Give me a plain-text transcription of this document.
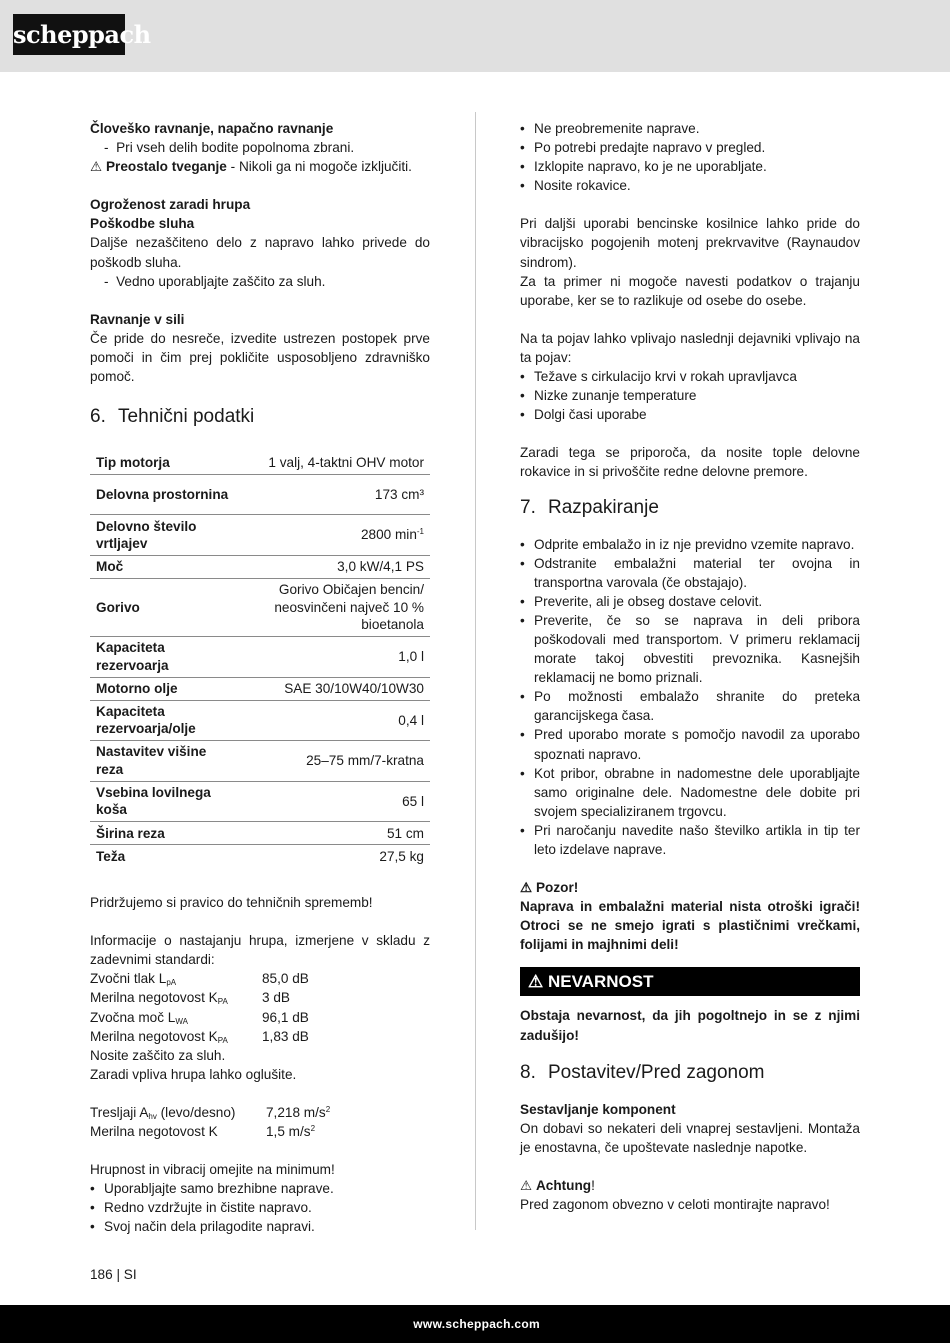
scheppach

Človeško ravnanje, napačno ravnanje

-  Pri vseh delih bodite popolnoma zbrani.

⚠ Preostalo tveganje - Nikoli ga ni mogoče izključiti.

Ogroženost zaradi hrupa

Poškodbe sluha

Daljše nezaščiteno delo z napravo lahko privede do poškodb sluha.

-  Vedno uporabljajte zaščito za sluh.

Ravnanje v sili

Če pride do nesreče, izvedite ustrezen postopek prve pomoči in čim prej pokličite usposobljeno zdravniško pomoč.

6. Tehnični podatki
Tip motorja	1 valj, 4-taktni OHV motor
Delovna prostornina	173 cm³
Delovno število vrtljajev	2800 $\min^{-1}$
Moč	3,0 kW/4,1 PS
Gorivo	Gorivo Običajen bencin/ neosvinčeni največ 10 % bioetanola
Kapaciteta rezervoarja	1,0 l
Motorno olje	SAE 30/10W40/10W30
Kapaciteta rezervoarja/olje	0,4 l
Nastavitev višine reza	25–75 mm/7-kratna
Vsebina lovilnega koša	65 l
Širina reza	51 cm
Teža	27,5 kg

Pridržujemo si pravico do tehničnih sprememb!

Informacije o nastajanju hrupa, izmerjene v skladu z zadevnimi standardi:

Zvočni tlak $L_{pA}$	85,0 dB
Merilna negotovost $K_{PA}$	3 dB
Zvočna moč $L_{WA}$	96,1 dB
Merilna negotovost $K_{PA}$	1,83 dB

Nosite zaščito za sluh.

Zaradi vpliva hrupa lahko oglušite.

Tresljaji $A_{hv}$ (levo/desno)	7,218 $m/s^2$
Merilna negotovost K	1,5 $m/s^2$

Hrupnost in vibracij omejite na minimum!

• Uporabljajte samo brezhibne naprave.

• Redno vzdržujte in čistite napravo.

• Svoj način dela prilagodite napravi.

• Ne preobremenite naprave.

• Po potrebi predajte napravo v pregled.

• Izklopite napravo, ko je ne uporabljate.

• Nosite rokavice.

Pri daljši uporabi bencinske kosilnice lahko pride do vibracijsko pogojenih motenj prekrvavitve (Raynaudov sindrom).

Za ta primer ni mogoče navesti podatkov o trajanju uporabe, ker se to razlikuje od osebe do osebe.

Na ta pojav lahko vplivajo naslednji dejavniki vplivajo na ta pojav:

• Težave s cirkulacijo krvi v rokah upravljavca

• Nizke zunanje temperature

• Dolgi časi uporabe

Zaradi tega se priporoča, da nosite tople delovne rokavice in si privoščite redne delovne premore.

7. Razpakiranje

• Odprite embalažo in iz nje previdno vzemite napravo.

• Odstranite embalažni material ter ovojna in transportna varovala (če obstajajo).

• Preverite, ali je obseg dostave celovit.

• Preverite, če so se naprava in deli pribora poškodovali med transportom. V primeru reklamacij morate takoj obvestiti prevoznika. Kasnejših reklamacij ne bomo priznali.

• Po možnosti embalažo shranite do preteka garancijskega časa.

• Pred uporabo morate s pomočjo navodil za uporabo spoznati napravo.

• Kot pribor, obrabne in nadomestne dele uporabljajte samo originalne dele. Nadomestne dele dobite pri svojem specializiranem trgovcu.

• Pri naročanju navedite našo številko artikla in tip ter leto izdelave naprave.

⚠ Pozor!

Naprava in embalažni material nista otroški igrači! Otroci se ne smejo igrati s plastičnimi vrečkami, folijami in majhnimi deli!

⚠ NEVARNOST

Obstaja nevarnost, da jih pogoltnejo in se z njimi zadušijo!

8. Postavitev/Pred zagonom

Sestavljanje komponent

On dobavi so nekateri deli vnaprej sestavljeni. Montaža je enostavna, če upoštevate naslednje napotke.

⚠ Achtung!

Pred zagonom obvezno v celoti montirajte napravo!

186 | SI
www.scheppach.com
